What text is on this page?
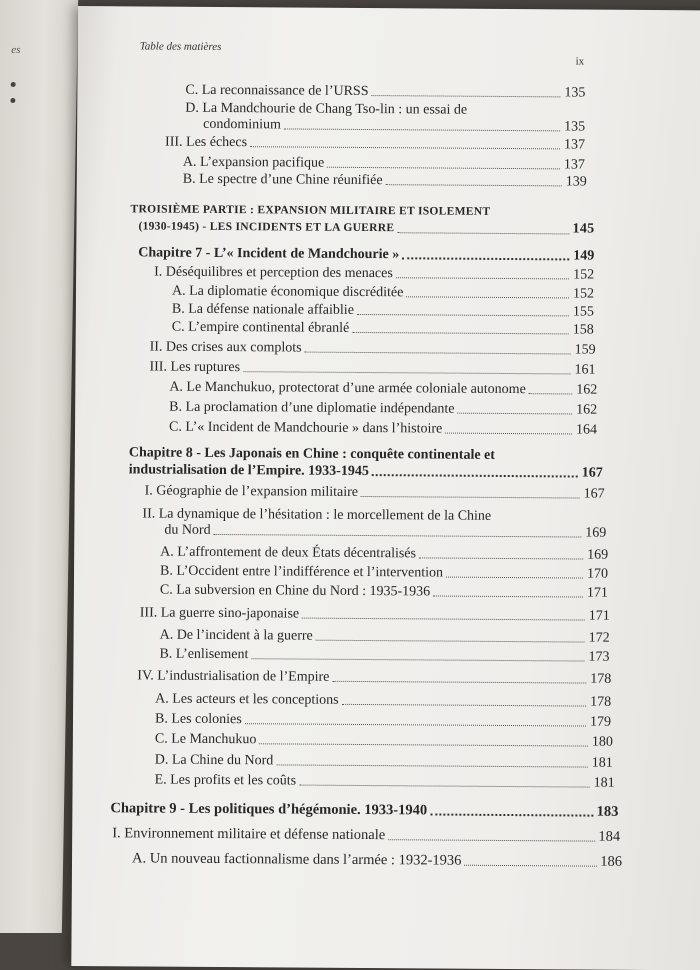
es	Table des matières
ix
C. La reconnaissance de l’URSS	135
D. La Mandchourie de Chang Tso-lin : un essai de
condominium	135
III. Les échecs	137
A. L’expansion pacifique	137
B. Le spectre d’une Chine réunifiée	139
TROISIÈME PARTIE : EXPANSION MILITAIRE ET ISOLEMENT
(1930-1945) - LES INCIDENTS ET LA GUERRE	145
Chapitre 7 - L’« Incident de Mandchourie »	149
I. Déséquilibres et perception des menaces	152
A. La diplomatie économique discréditée	152
B. La défense nationale affaiblie	155
C. L’empire continental ébranlé	158
II. Des crises aux complots	159
III. Les ruptures	161
A. Le Manchukuo, protectorat d’une armée coloniale autonome	162
B. La proclamation d’une diplomatie indépendante	162
C. L’« Incident de Mandchourie » dans l’histoire	164
Chapitre 8 - Les Japonais en Chine : conquête continentale et
industrialisation de l’Empire. 1933-1945	167
I. Géographie de l’expansion militaire	167
II. La dynamique de l’hésitation : le morcellement de la Chine
du Nord	169
A. L’affrontement de deux États décentralisés	169
B. L’Occident entre l’indifférence et l’intervention	170
C. La subversion en Chine du Nord : 1935-1936	171
III. La guerre sino-japonaise	171
A. De l’incident à la guerre	172
B. L’enlisement	173
IV. L’industrialisation de l’Empire	178
A. Les acteurs et les conceptions	178
B. Les colonies	179
C. Le Manchukuo	180
D. La Chine du Nord	181
E. Les profits et les coûts	181
Chapitre 9 - Les politiques d’hégémonie. 1933-1940	183
I. Environnement militaire et défense nationale	184
A. Un nouveau factionnalisme dans l’armée : 1932-1936	186
